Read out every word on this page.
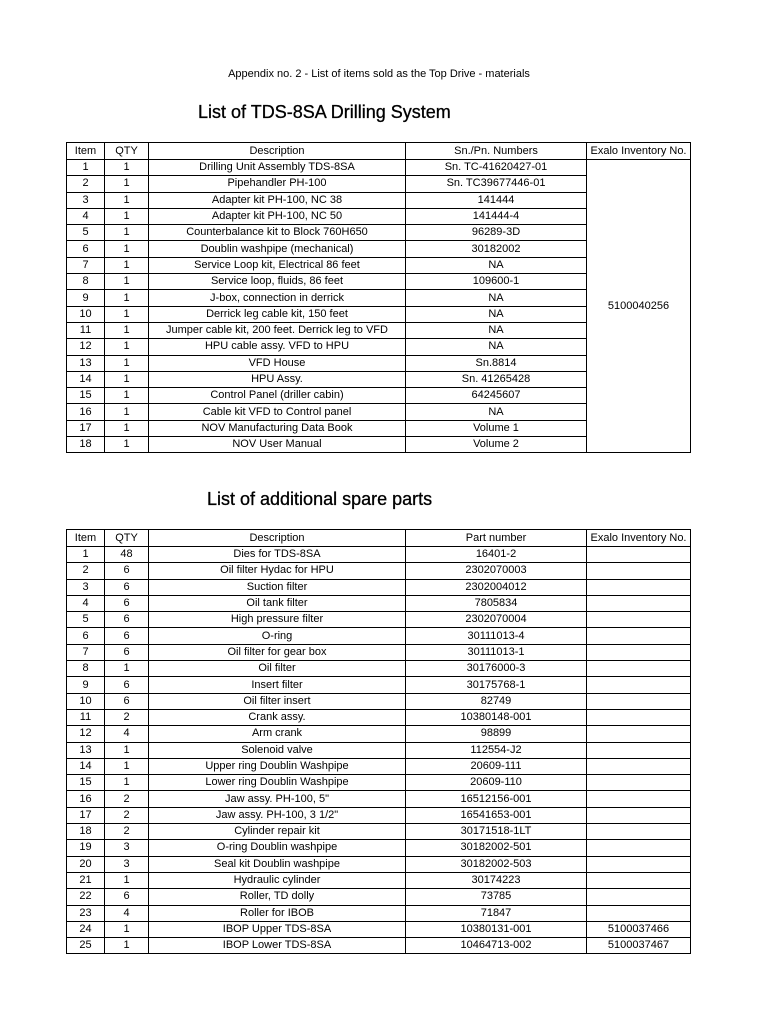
Appendix no. 2 - List of items sold as the Top Drive - materials
List of TDS-8SA Drilling System
Item	QTY	Description	Sn./Pn. Numbers	Exalo Inventory No.
1	1	Drilling Unit Assembly TDS-8SA	Sn. TC-41620427-01	5100040256
2	1	Pipehandler PH-100	Sn. TC39677446-01	
3	1	Adapter kit PH-100, NC 38	141444	
4	1	Adapter kit PH-100, NC 50	141444-4	
5	1	Counterbalance kit to Block 760H650	96289-3D	
6	1	Doublin washpipe (mechanical)	30182002	
7	1	Service Loop kit, Electrical 86 feet	NA	
8	1	Service loop, fluids, 86 feet	109600-1	
9	1	J-box, connection in derrick	NA	
10	1	Derrick leg cable kit, 150 feet	NA	
11	1	Jumper cable kit, 200 feet. Derrick leg to VFD	NA	
12	1	HPU cable assy. VFD to HPU	NA	
13	1	VFD House	Sn.8814	
14	1	HPU Assy.	Sn. 41265428	
15	1	Control Panel (driller cabin)	64245607	
16	1	Cable kit VFD to Control panel	NA	
17	1	NOV Manufacturing Data Book	Volume 1	
18	1	NOV User Manual	Volume 2	
List of additional spare parts
Item	QTY	Description	Part number	Exalo Inventory No.
1	48	Dies for TDS-8SA	16401-2	
2	6	Oil filter Hydac for HPU	2302070003	
3	6	Suction filter	2302004012	
4	6	Oil tank filter	7805834	
5	6	High pressure filter	2302070004	
6	6	O-ring	30111013-4	
7	6	Oil filter for gear box	30111013-1	
8	1	Oil filter	30176000-3	
9	6	Insert filter	30175768-1	
10	6	Oil filter insert	82749	
11	2	Crank assy.	10380148-001	
12	4	Arm crank	98899	
13	1	Solenoid valve	112554-J2	
14	1	Upper ring Doublin Washpipe	20609-111	
15	1	Lower ring Doublin Washpipe	20609-110	
16	2	Jaw assy. PH-100, 5"	16512156-001	
17	2	Jaw assy. PH-100, 3 1/2"	16541653-001	
18	2	Cylinder repair kit	30171518-1LT	
19	3	O-ring Doublin washpipe	30182002-501	
20	3	Seal kit Doublin washpipe	30182002-503	
21	1	Hydraulic cylinder	30174223	
22	6	Roller, TD dolly	73785	
23	4	Roller for IBOB	71847	
24	1	IBOP Upper TDS-8SA	10380131-001	5100037466
25	1	IBOP Lower TDS-8SA	10464713-002	5100037467
